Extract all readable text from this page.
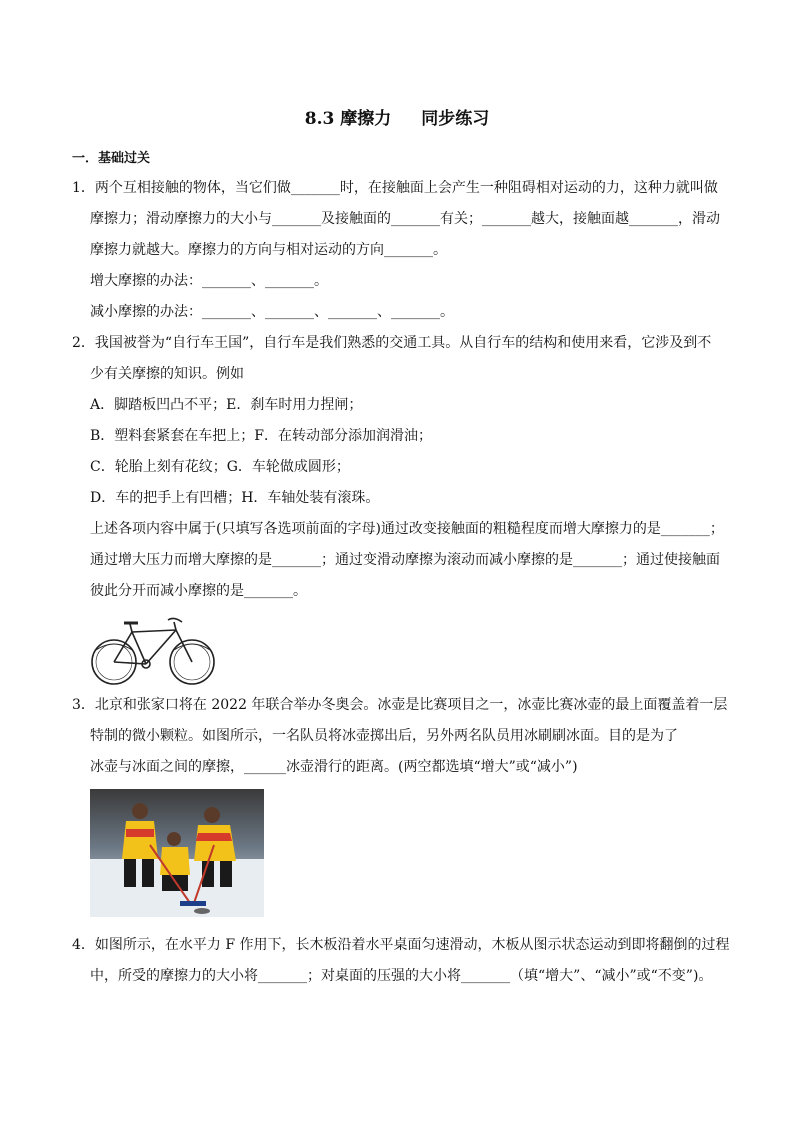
8.3 摩擦力 同步练习
一．基础过关
1．两个互相接触的物体，当它们做_______时，在接触面上会产生一种阻碍相对运动的力，这种力就叫做
摩擦力；滑动摩擦力的大小与_______及接触面的_______有关；_______越大，接触面越_______，滑动
摩擦力就越大。摩擦力的方向与相对运动的方向_______。
增大摩擦的办法：_______、_______。
减小摩擦的办法：_______、_______、_______、_______。
2．我国被誉为“自行车王国”，自行车是我们熟悉的交通工具。从自行车的结构和使用来看，它涉及到不
少有关摩擦的知识。例如
A．脚踏板凹凸不平；E．刹车时用力捏闸；
B．塑料套紧套在车把上；F．在转动部分添加润滑油；
C．轮胎上刻有花纹；G．车轮做成圆形；
D．车的把手上有凹槽；H．车轴处装有滚珠。
上述各项内容中属于(只填写各选项前面的字母)通过改变接触面的粗糙程度而增大摩擦力的是_______；
通过增大压力而增大摩擦的是_______；通过变滑动摩擦为滚动而减小摩擦的是_______；通过使接触面
彼此分开而减小摩擦的是_______。
3．北京和张家口将在 2022 年联合举办冬奥会。冰壶是比赛项目之一，冰壶比赛冰壶的最上面覆盖着一层
特制的微小颗粒。如图所示，一名队员将冰壶掷出后，另外两名队员用冰刷刷冰面。目的是为了
冰壶与冰面之间的摩擦，______冰壶滑行的距离。(两空都选填“增大”或“减小”)
4．如图所示，在水平力 F 作用下，长木板沿着水平桌面匀速滑动，木板从图示状态运动到即将翻倒的过程
中，所受的摩擦力的大小将_______；对桌面的压强的大小将_______（填“增大”、“减小”或“不变”)。
